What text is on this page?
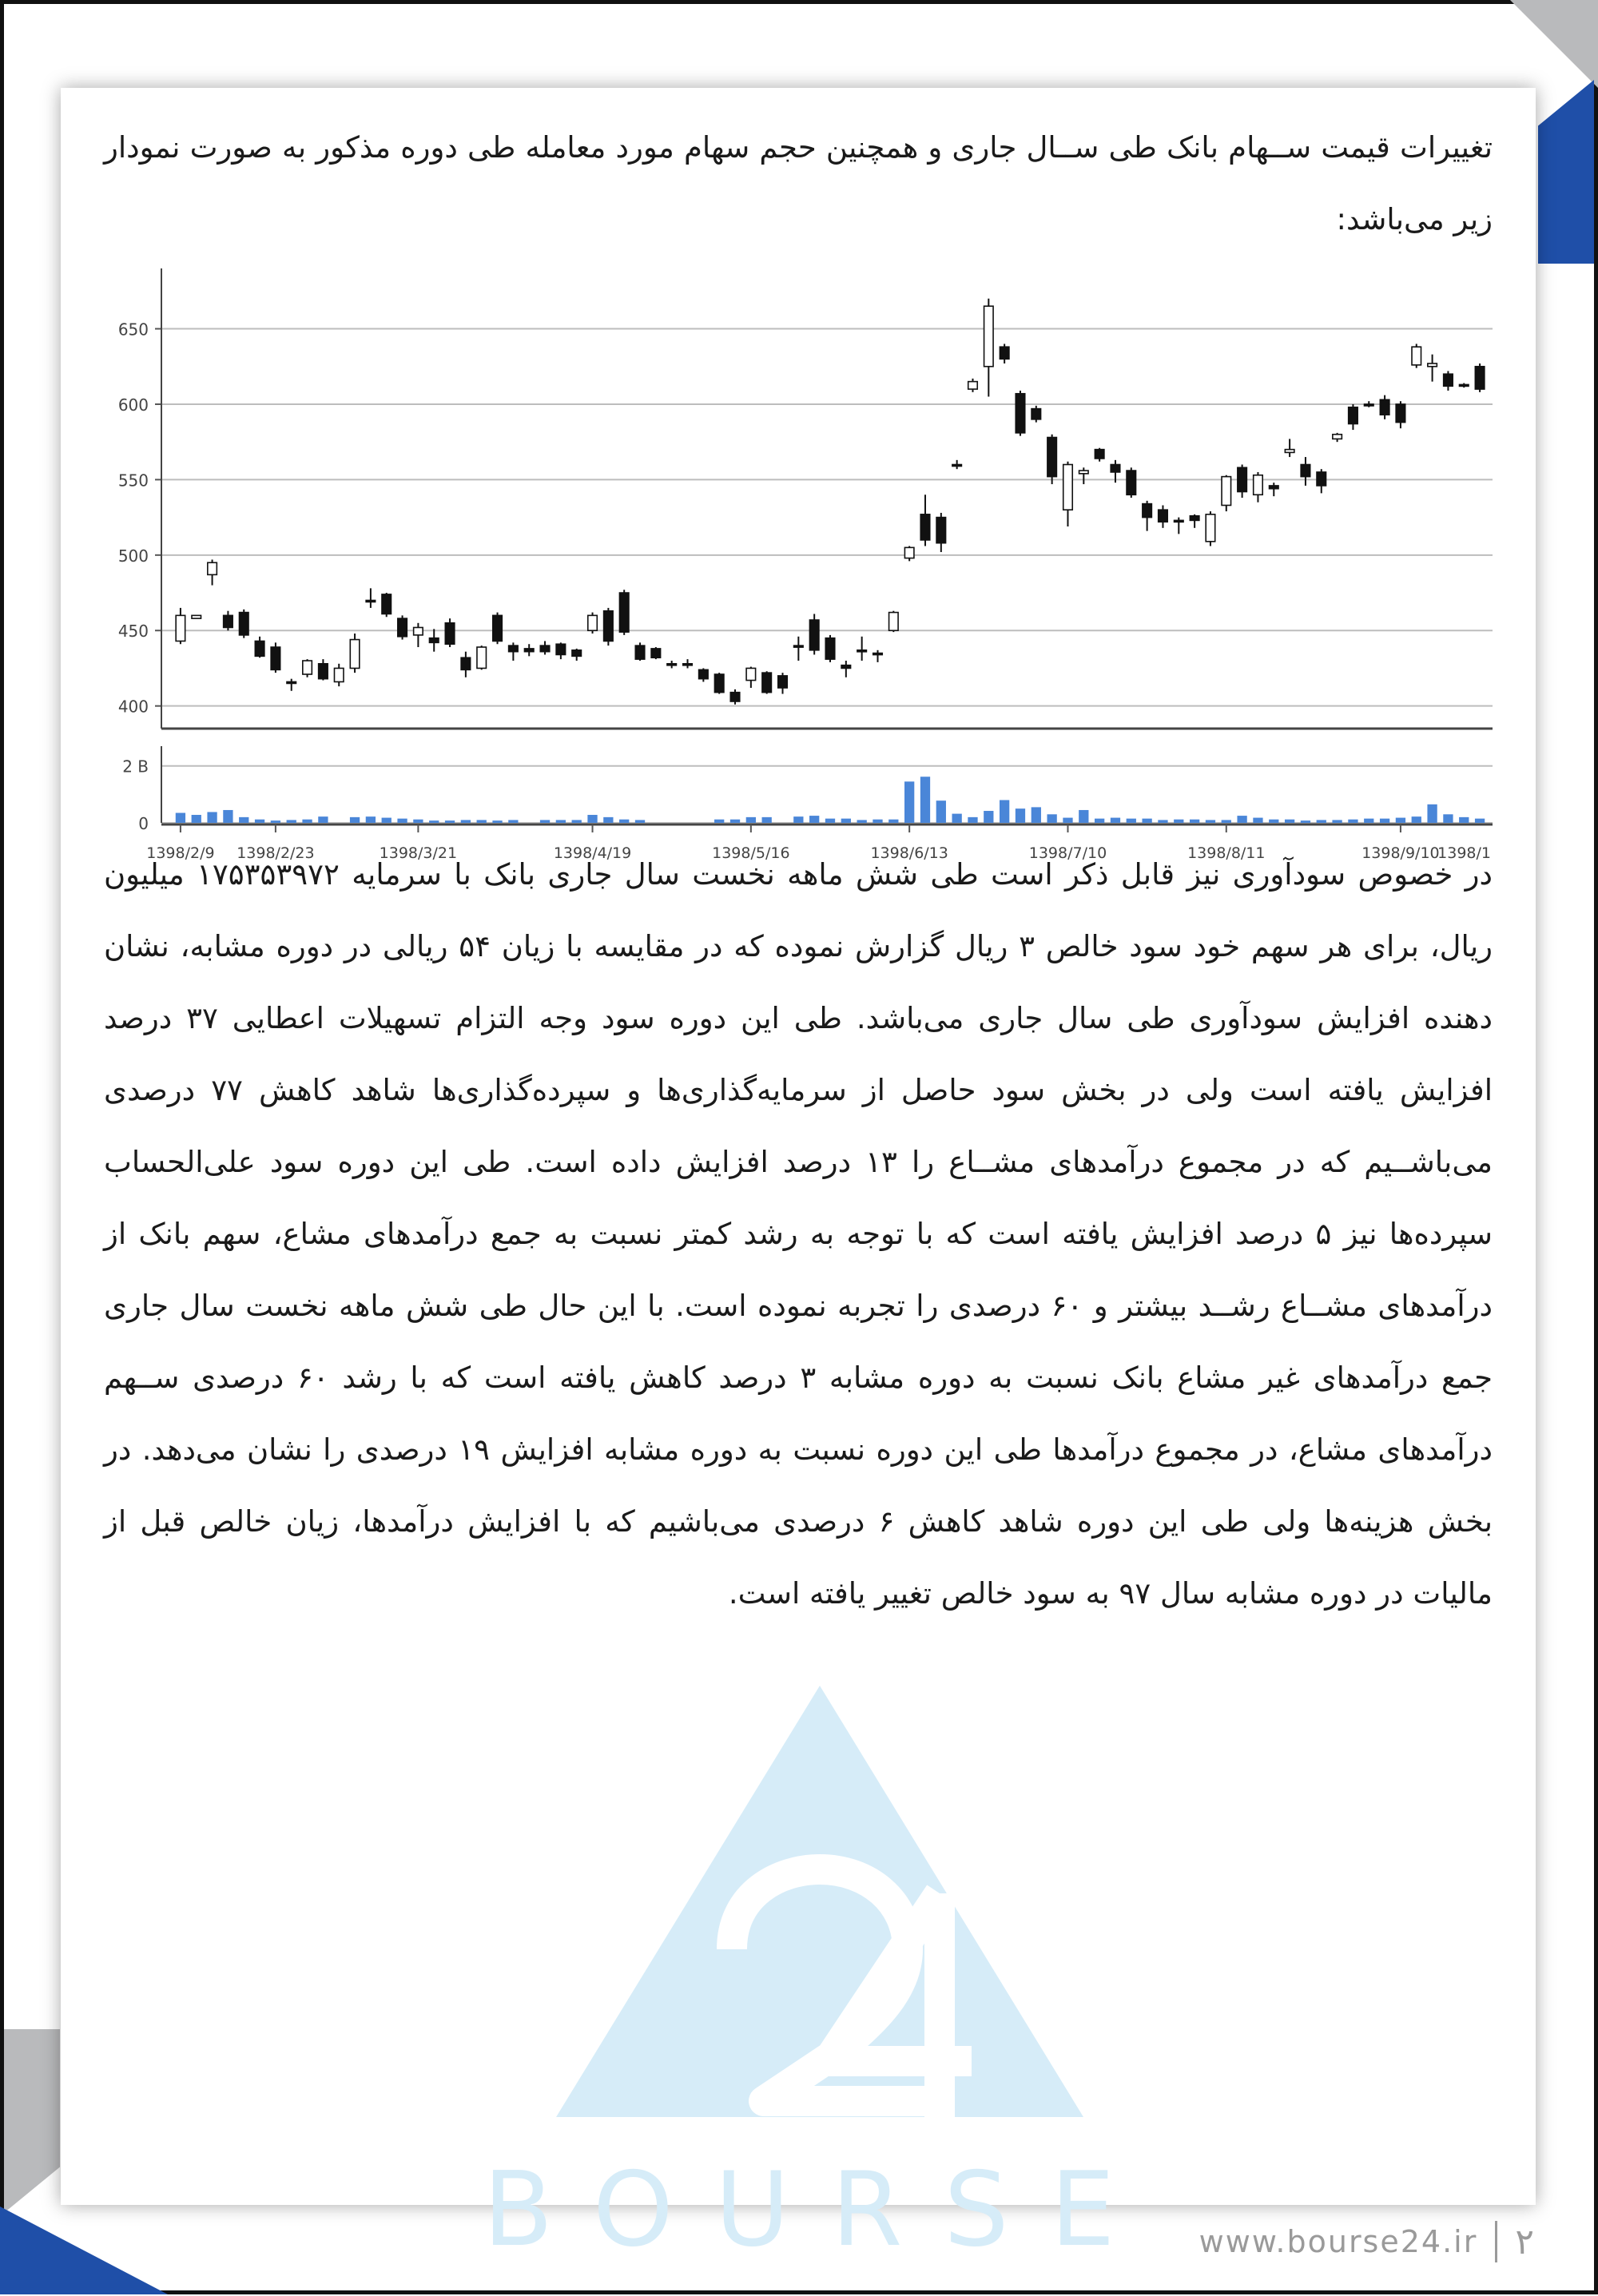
تغییرات قیمت ســهام بانک طی ســال جاری و همچنین حجم سهام مورد معامله طی دوره مذکور به صورت نمودار زیر می‌باشد:

400
450
500
550
600
650
0
2 B
1398/2/9 1398/2/23	1398/3/21	1398/4/19	1398/5/16	1398/6/13	1398/7/10	1398/8/11	1398/9/10
1398/1

در خصوص سودآوری نیز قابل ذکر است طی شش ماهه نخست سال جاری بانک با سرمایه ۱۷۵۳۵۳۹۷۲ میلیون ریال، برای هر سهم خود سود خالص ۳ ریال گزارش نموده که در مقایسه با زیان ۵۴ ریالی در دوره مشابه، نشان دهنده افزایش سودآوری طی سال جاری می‌باشد. طی این دوره سود وجه التزام تسهیلات اعطایی ۳۷ درصد افزایش یافته است ولی در بخش سود حاصل از سرمایه‌گذاری‌ها و سپرده‌گذاری‌ها شاهد کاهش ۷۷ درصدی می‌باشــیم که در مجموع درآمدهای مشــاع را ۱۳ درصد افزایش داده است. طی این دوره سود علی‌الحساب سپرده‌ها نیز ۵ درصد افزایش یافته است که با توجه به رشد کمتر نسبت به جمع درآمدهای مشاع، سهم بانک از درآمدهای مشــاع رشــد بیشتر و ۶۰ درصدی را تجربه نموده است. با این حال طی شش ماهه نخست سال جاری جمع درآمدهای غیر مشاع بانک نسبت به دوره مشابه ۳ درصد کاهش یافته است که با رشد ۶۰ درصدی ســهم درآمدهای مشاع، در مجموع درآمدها طی این دوره نسبت به دوره مشابه افزایش ۱۹ درصدی را نشان می‌دهد. در بخش هزینه‌ها ولی طی این دوره شاهد کاهش ۶ درصدی می‌باشیم که با افزایش درآمدها، زیان خالص قبل از مالیات در دوره مشابه سال ۹۷ به سود خالص تغییر یافته است.

BOURSE www.bourse24.ir ۲
